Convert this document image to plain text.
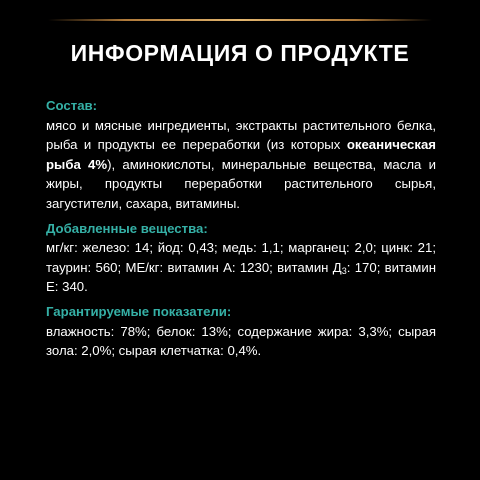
ИНФОРМАЦИЯ О ПРОДУКТЕ
Состав:

мясо и мясные ингредиенты, экстракты растительного белка, рыба и продукты ее переработки (из которых океаническая рыба 4%), аминокислоты, минеральные вещества, масла и жиры, продукты переработки растительного сырья, загустители, сахара, витамины.

Добавленные вещества:

мг/кг: железо: 14; йод: 0,43; медь: 1,1; марганец: 2,0; цинк: 21; таурин: 560; МЕ/кг: витамин А: 1230; витамин $Д_3$: 170; витамин Е: 340.

Гарантируемые показатели:

влажность: 78%; белок: 13%; содержание жира: 3,3%; сырая зола: 2,0%; сырая клетчатка: 0,4%.
